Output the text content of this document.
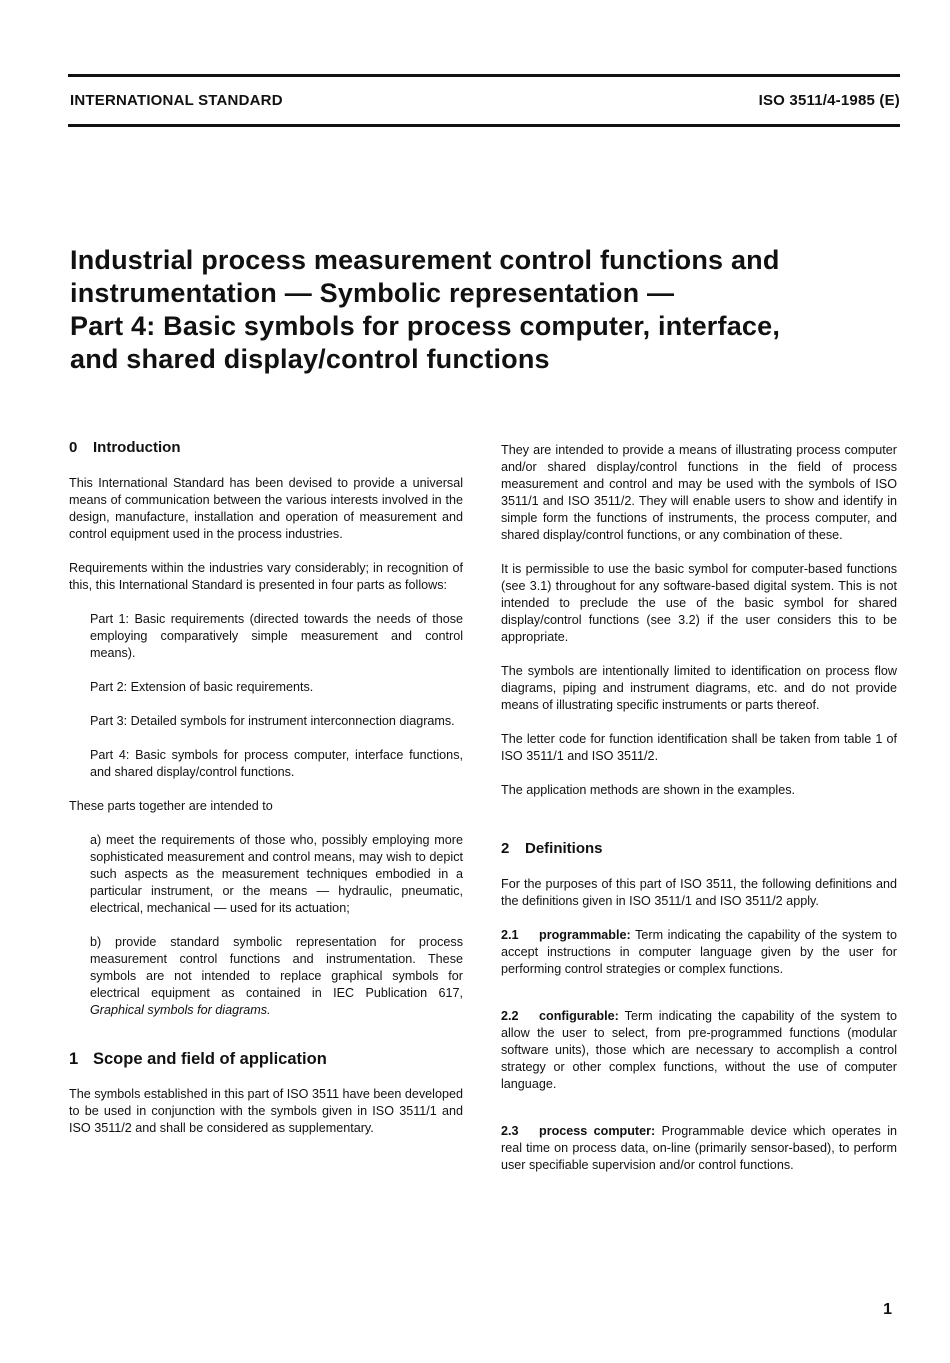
INTERNATIONAL STANDARD	ISO 3511/4-1985 (E)
Industrial process measurement control functions and
instrumentation — Symbolic representation —
Part 4: Basic symbols for process computer, interface,
and shared display/control functions
0 Introduction

This International Standard has been devised to provide a universal means of communication between the various interests involved in the design, manufacture, installation and operation of measurement and control equipment used in the process industries.

Requirements within the industries vary considerably; in recognition of this, this International Standard is presented in four parts as follows:

Part 1: Basic requirements (directed towards the needs of those employing comparatively simple measurement and control means).

Part 2: Extension of basic requirements.

Part 3: Detailed symbols for instrument interconnection diagrams.

Part 4: Basic symbols for process computer, interface functions, and shared display/control functions.

These parts together are intended to

a) meet the requirements of those who, possibly employing more sophisticated measurement and control means, may wish to depict such aspects as the measurement techniques embodied in a particular instrument, or the means — hydraulic, pneumatic, electrical, mechanical — used for its actuation;

b) provide standard symbolic representation for process measurement control functions and instrumentation. These symbols are not intended to replace graphical symbols for electrical equipment as contained in IEC Publication 617, Graphical symbols for diagrams.

1 Scope and field of application

The symbols established in this part of ISO 3511 have been developed to be used in conjunction with the symbols given in ISO 3511/1 and ISO 3511/2 and shall be considered as supplementary.

They are intended to provide a means of illustrating process computer and/or shared display/control functions in the field of process measurement and control and may be used with the symbols of ISO 3511/1 and ISO 3511/2. They will enable users to show and identify in simple form the functions of instruments, the process computer, and shared display/control functions, or any combination of these.

It is permissible to use the basic symbol for computer-based functions (see 3.1) throughout for any software-based digital system. This is not intended to preclude the use of the basic symbol for shared display/control functions (see 3.2) if the user considers this to be appropriate.

The symbols are intentionally limited to identification on process flow diagrams, piping and instrument diagrams, etc. and do not provide means of illustrating specific instruments or parts thereof.

The letter code for function identification shall be taken from table 1 of ISO 3511/1 and ISO 3511/2.

The application methods are shown in the examples.

2 Definitions

For the purposes of this part of ISO 3511, the following definitions and the definitions given in ISO 3511/1 and ISO 3511/2 apply.

2.1 programmable: Term indicating the capability of the system to accept instructions in computer language given by the user for performing control strategies or complex functions.

2.2 configurable: Term indicating the capability of the system to allow the user to select, from pre-programmed functions (modular software units), those which are necessary to accomplish a control strategy or other complex functions, without the use of computer language.

2.3 process computer: Programmable device which operates in real time on process data, on-line (primarily sensor-based), to perform user specifiable supervision and/or control functions.

1
